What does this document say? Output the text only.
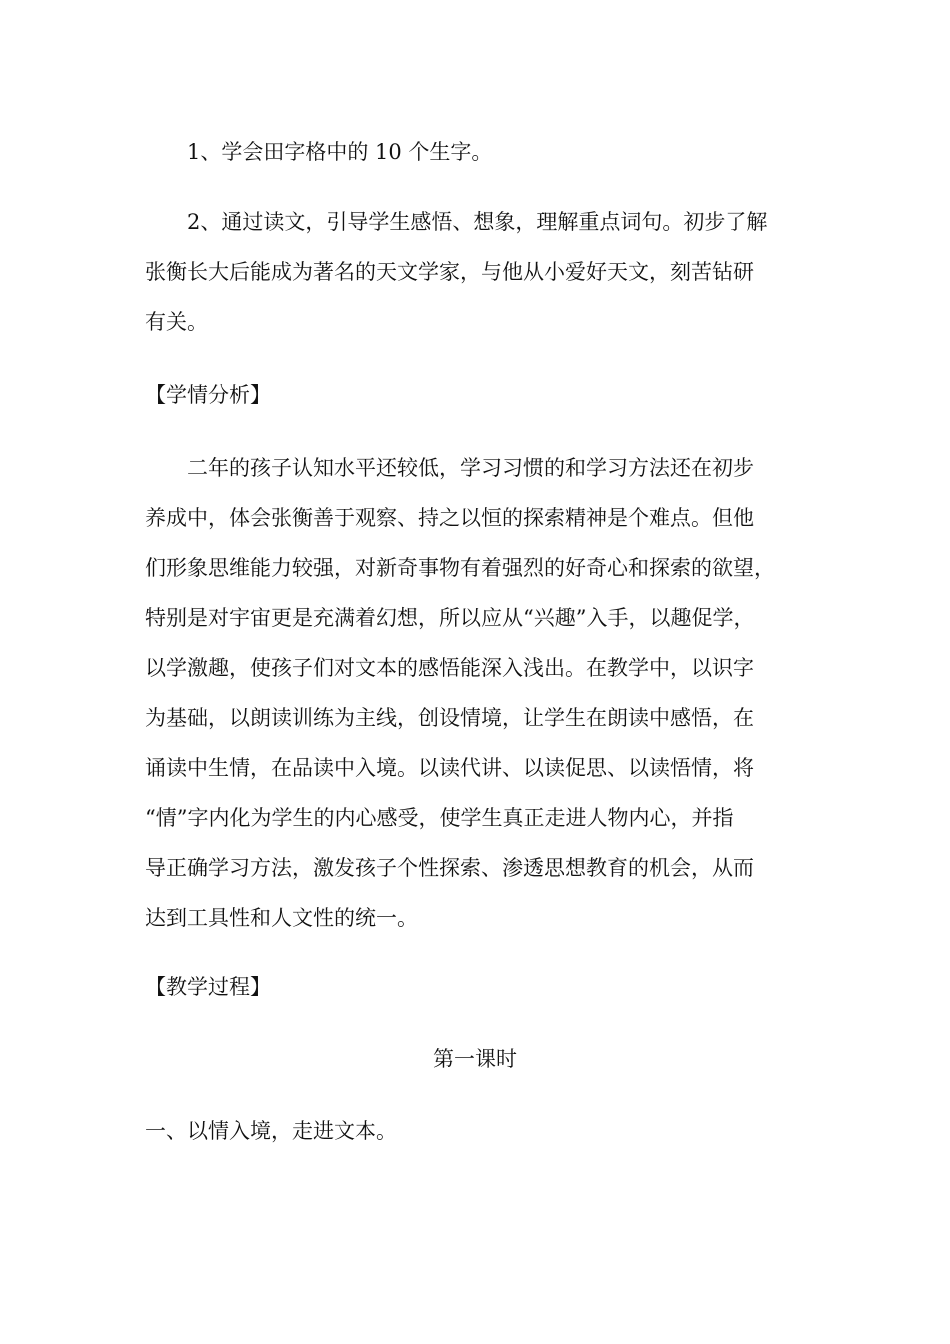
1、学会田字格中的 10 个生字。
2、通过读文，引导学生感悟、想象，理解重点词句。初步了解
张衡长大后能成为著名的天文学家，与他从小爱好天文，刻苦钻研
有关。
【学情分析】
二年的孩子认知水平还较低，学习习惯的和学习方法还在初步
养成中，体会张衡善于观察、持之以恒的探索精神是个难点。但他
们形象思维能力较强，对新奇事物有着强烈的好奇心和探索的欲望，
特别是对宇宙更是充满着幻想，所以应从“兴趣”入手，以趣促学，
以学激趣，使孩子们对文本的感悟能深入浅出。在教学中，以识字
为基础，以朗读训练为主线，创设情境，让学生在朗读中感悟，在
诵读中生情，在品读中入境。以读代讲、以读促思、以读悟情，将
“情”字内化为学生的内心感受，使学生真正走进人物内心，并指
导正确学习方法，激发孩子个性探索、渗透思想教育的机会，从而
达到工具性和人文性的统一。
【教学过程】
第一课时
一、以情入境，走进文本。
